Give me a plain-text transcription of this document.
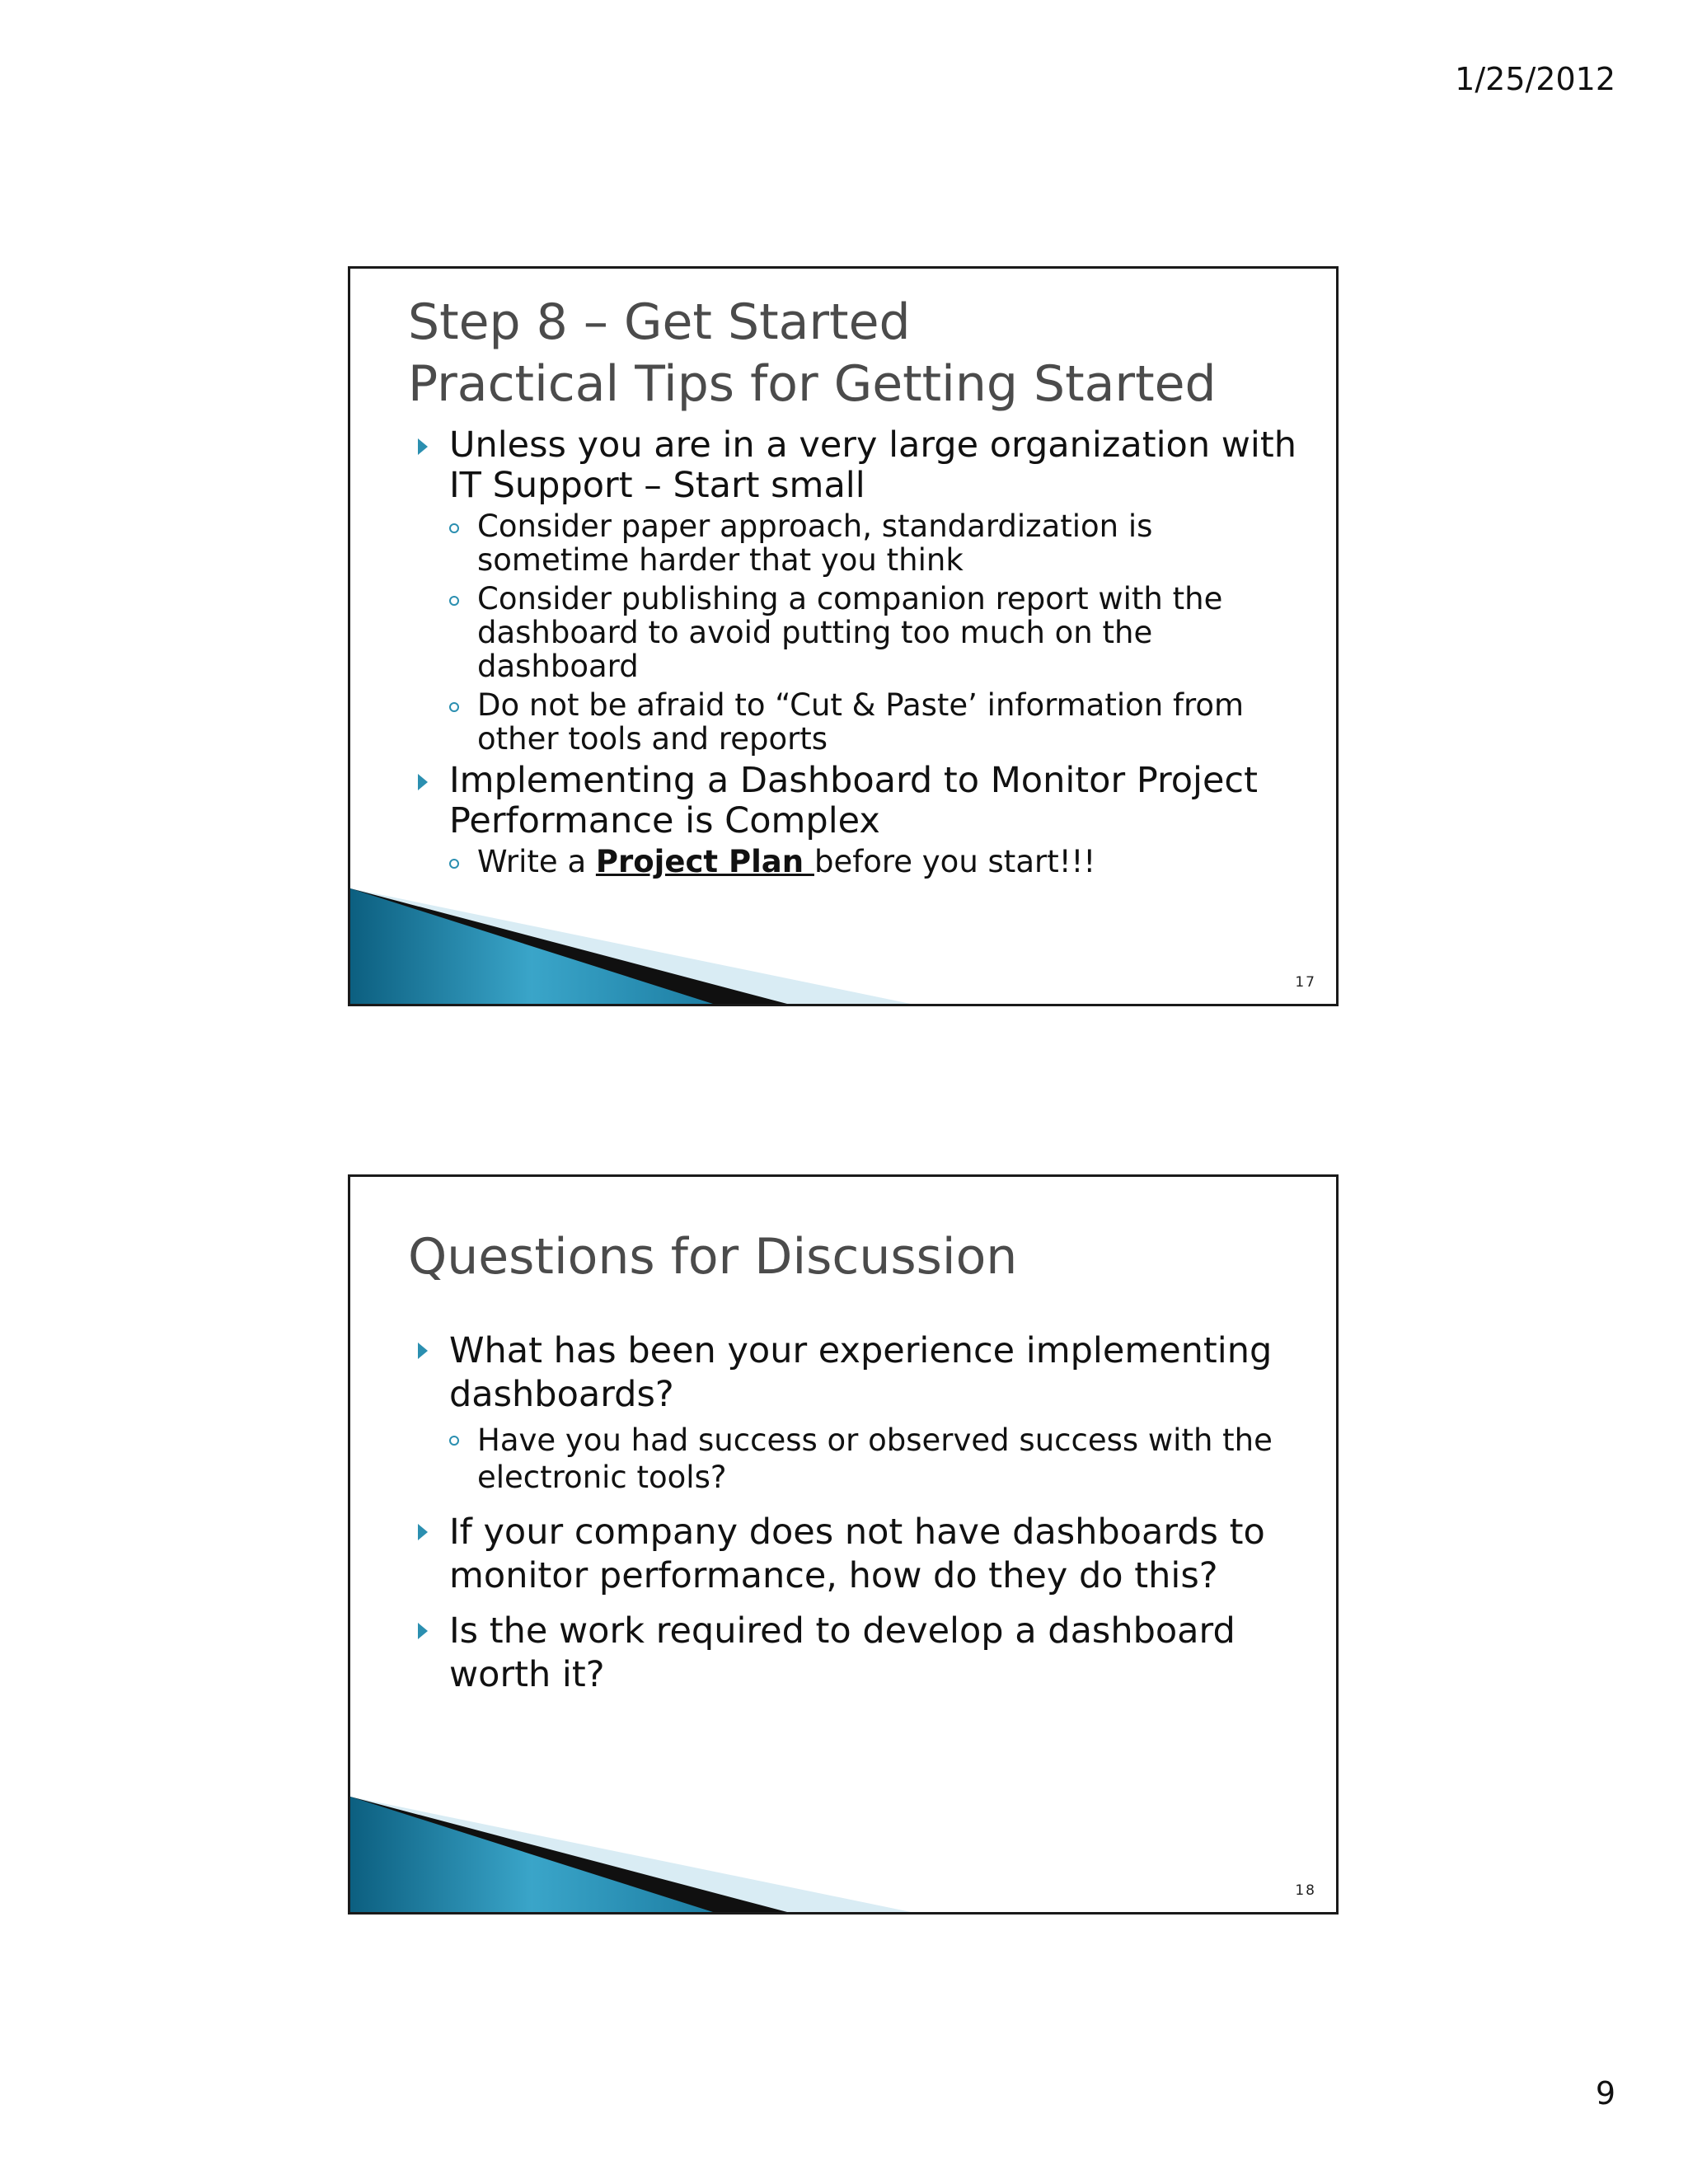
1/25/2012
Step 8 – Get Started
Practical Tips for Getting Started
Unless you are in a very large organization with IT Support – Start small
Consider paper approach, standardization is sometime harder that you think
Consider publishing a companion report with the dashboard to avoid putting too much on the dashboard
Do not be afraid to “Cut & Paste’ information from other tools and reports
Implementing a Dashboard to Monitor Project Performance is Complex
Write a Project Plan before you start!!!
17
Questions for Discussion
What has been your experience implementing dashboards?
Have you had success or observed success with the electronic tools?
If your company does not have dashboards to monitor performance, how do they do this?
Is the work required to develop a dashboard worth it?
18
9
